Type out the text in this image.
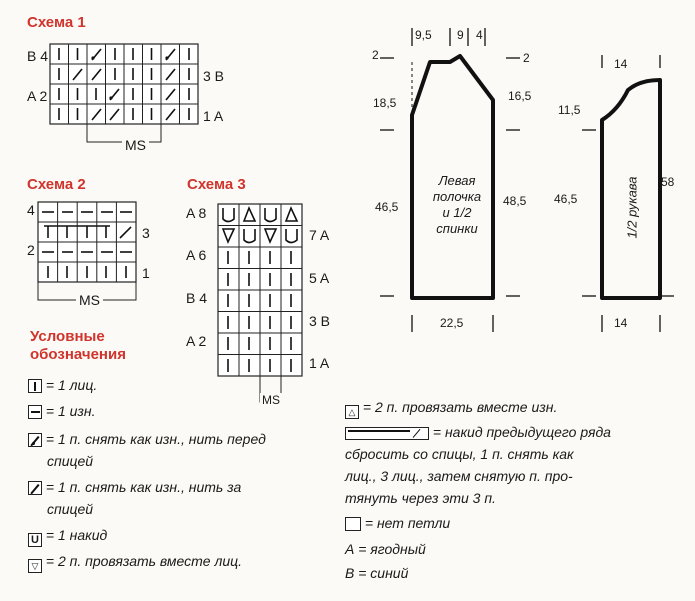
Схема 1
B 4
A 2
3 B
1 A
MS
Схема 2
4
2
3
1
MS
Схема 3
A 8
A 6
B 4
A 2
7 A
5 A
3 B
1 A
MS
Условные
обозначения
= 1 лиц.
= 1 изн.
= 1 п. снять как изн., нить перед
спицей
= 1 п. снять как изн., нить за
спицей
U = 1 накид
▽ = 2 п. провязать вместе лиц.
△ = 2 п. провязать вместе изн.
= накид предыдущего ряда
сбросить со спицы, 1 п. снять как
лиц., 3 лиц., затем снятую п. про-
тянуть через эти 3 п.
= нет петли
А = ягодный
В = синий
9,5 9 4
2	2
18,5	16,5
46,5	48,5
22,5
14
11,5
46,5
58
14
Левая
полочка
и 1/2
спинки	1/2 рукава
